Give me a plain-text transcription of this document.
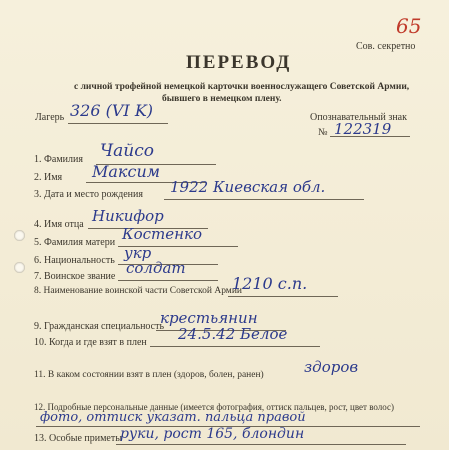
65
Сов. секретно
ПЕРЕВОД
с личной трофейной немецкой карточки военнослужащего Советской Армии,
бывшего в немецком плену.
Лагерь 326 (VI K)	Опознавательный знак
№ 122319
1. Фамилия Чайсо
2. Имя Максим
3. Дата и место рождения 1922 Киевская обл.
4. Имя отца Никифор
5. Фамилия матери Костенко
6. Национальность укр
7. Воинское звание солдат
8. Наименование воинской части Советской Армии
1210 с.п.
9. Гражданская специальность
крестьянин
10. Когда и где взят в плен 24.5.42 Белое
11. В каком состоянии взят в плен (здоров, болен, ранен)	здоров
12. Подробные персональные данные (имеется фотография, оттиск пальцев, рост, цвет волос)
фото, оттиск указат. пальца правой
13. Особые приметы
руки, рост 165, блондин
